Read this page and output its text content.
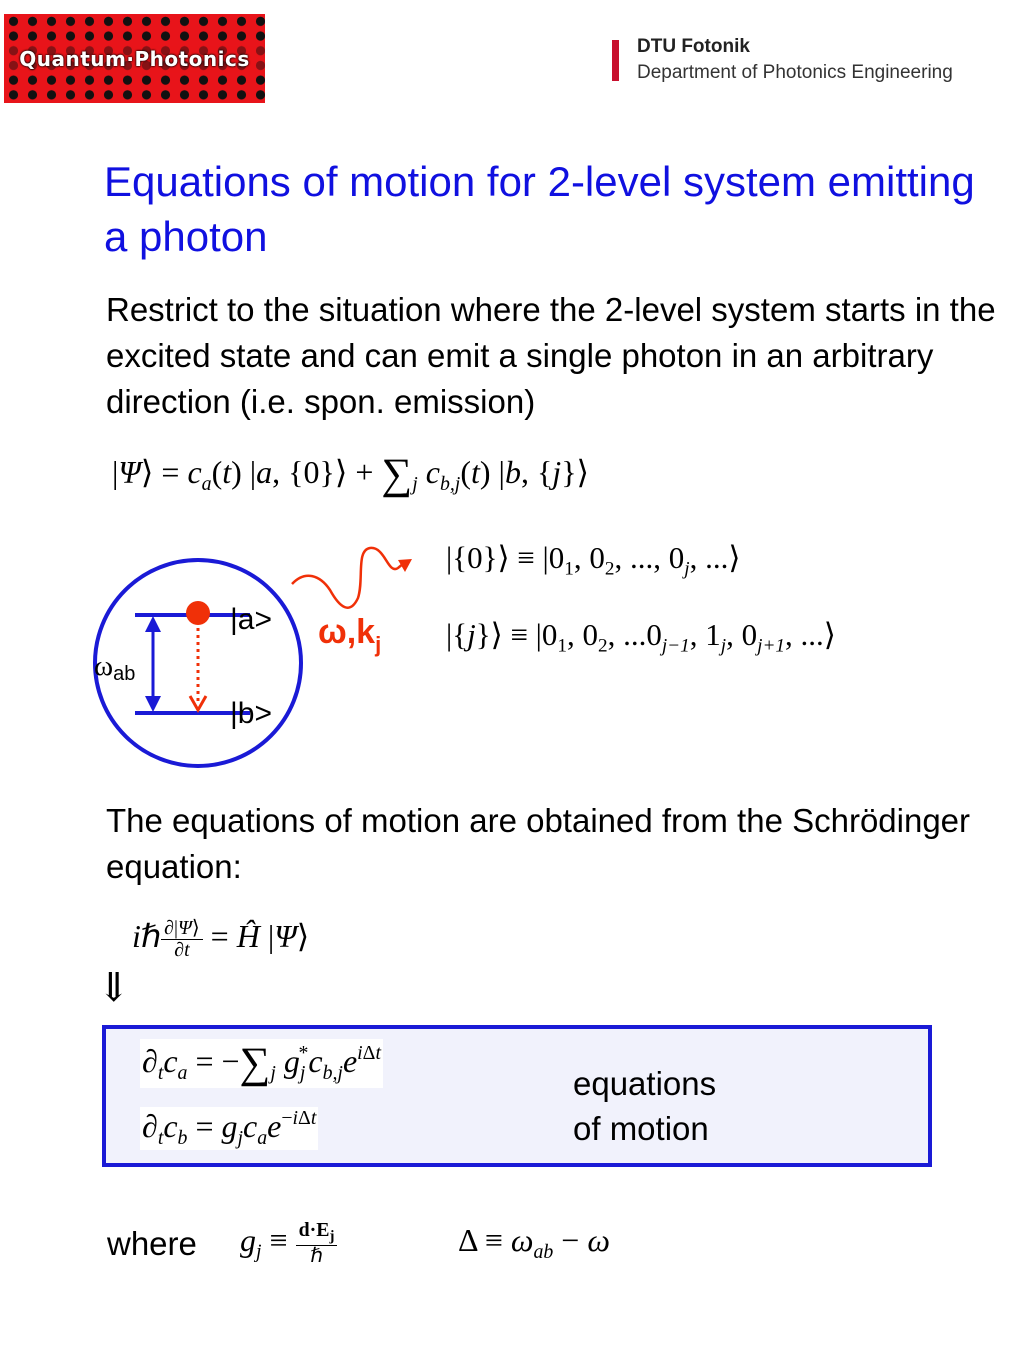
Quantum·Photonics
DTU Fotonik
Department of Photonics Engineering
Equations of motion for 2-level system emitting a photon
Restrict to the situation where the 2-level system starts in the excited state and can emit a single photon in an arbitrary direction (i.e. spon. emission)
|Ψ⟩ = $c_a(t)$ |a, {0}⟩ + $\sum_j$ $c_{b,j}(t)$ |b, {j}⟩
|{0}⟩ ≡ $|0_1$, $0_2$, ..., $0_j$, ...⟩
|{j}⟩ ≡ $|0_1$, $0_2$, $...0_{j-1}$, $1_j$, $0_{j+1}$, ...⟩
|a>
|b>
ωab
$\omega,k_j$
The equations of motion are obtained from the Schrödinger equation:
iℏ $\frac{\partial|\Psi⟩}{\partial t}$ = Ĥ |Ψ⟩
⇓
$\partial_tc_a = -\sum_j$ $g_j^*c_{b,j}e^{i\Delta t}$
$\partial_tc_b = g_jc_ae^{-i\Delta t}$
equations
of motion
where $g_j \equiv \frac{d\cdot E_j}{\text{ℏ}}$	$\Delta \equiv \omega_{ab} - \omega$
